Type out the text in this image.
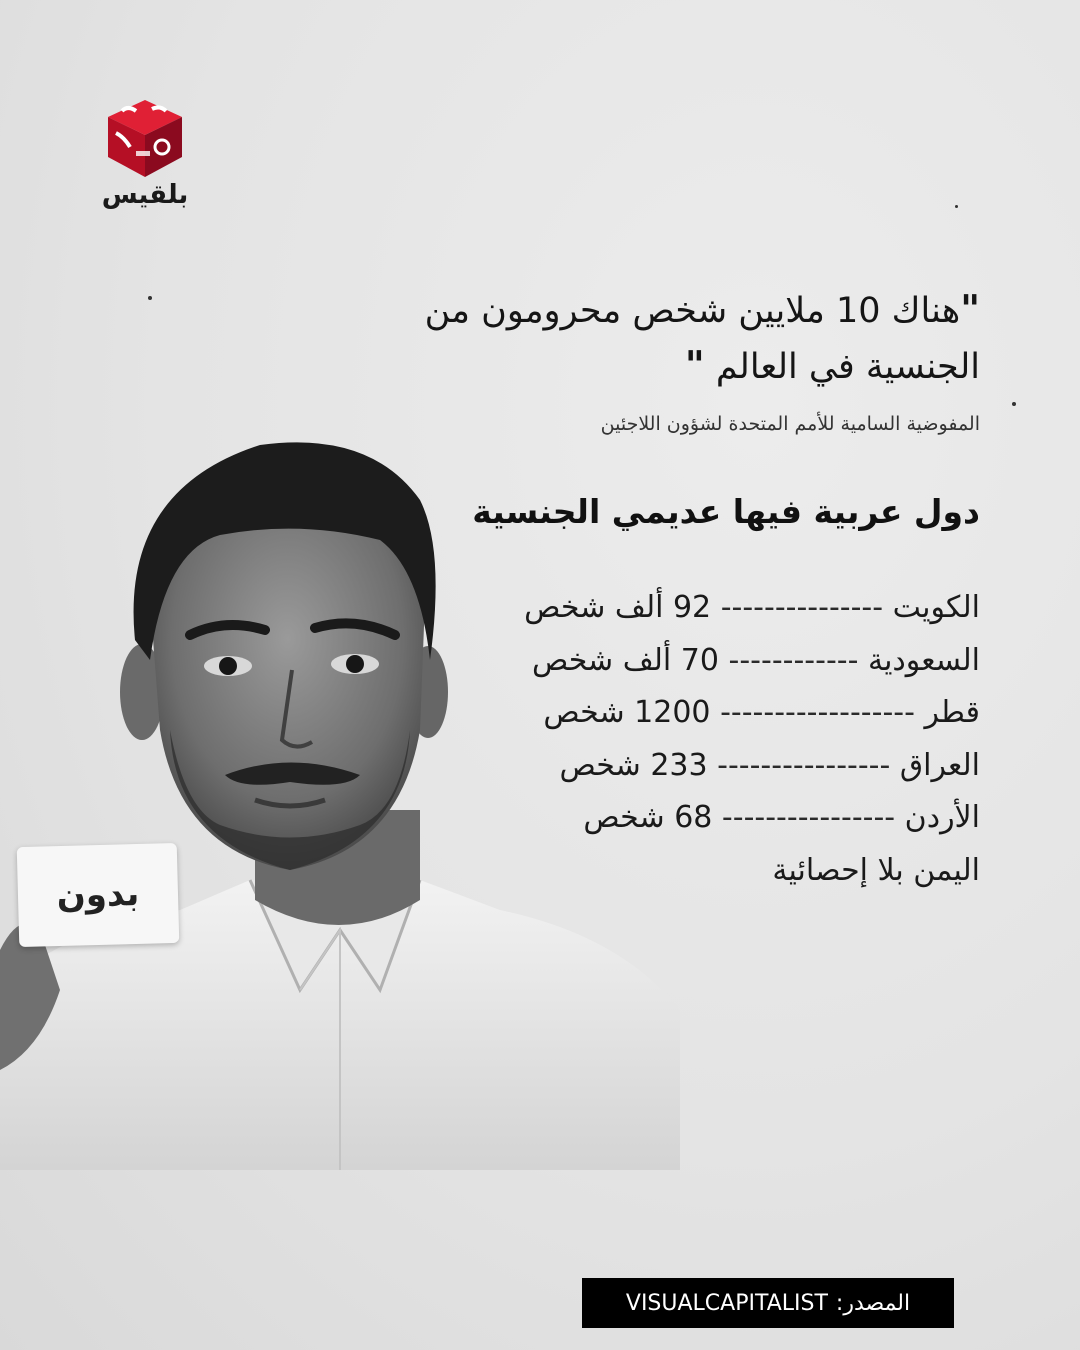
بلقيس
"هناك 10 ملايين شخص محرومون من الجنسية في العالم "
المفوضية السامية للأمم المتحدة لشؤون اللاجئين
دول عربية فيها عديمي الجنسية
الكويت --------------- 92 ألف شخص
السعودية ------------ 70 ألف شخص
قطر ------------------ 1200 شخص
العراق ---------------- 233 شخص
الأردن ---------------- 68 شخص
اليمن بلا إحصائية
بدون
المصدر:
VISUALCAPITALIST
